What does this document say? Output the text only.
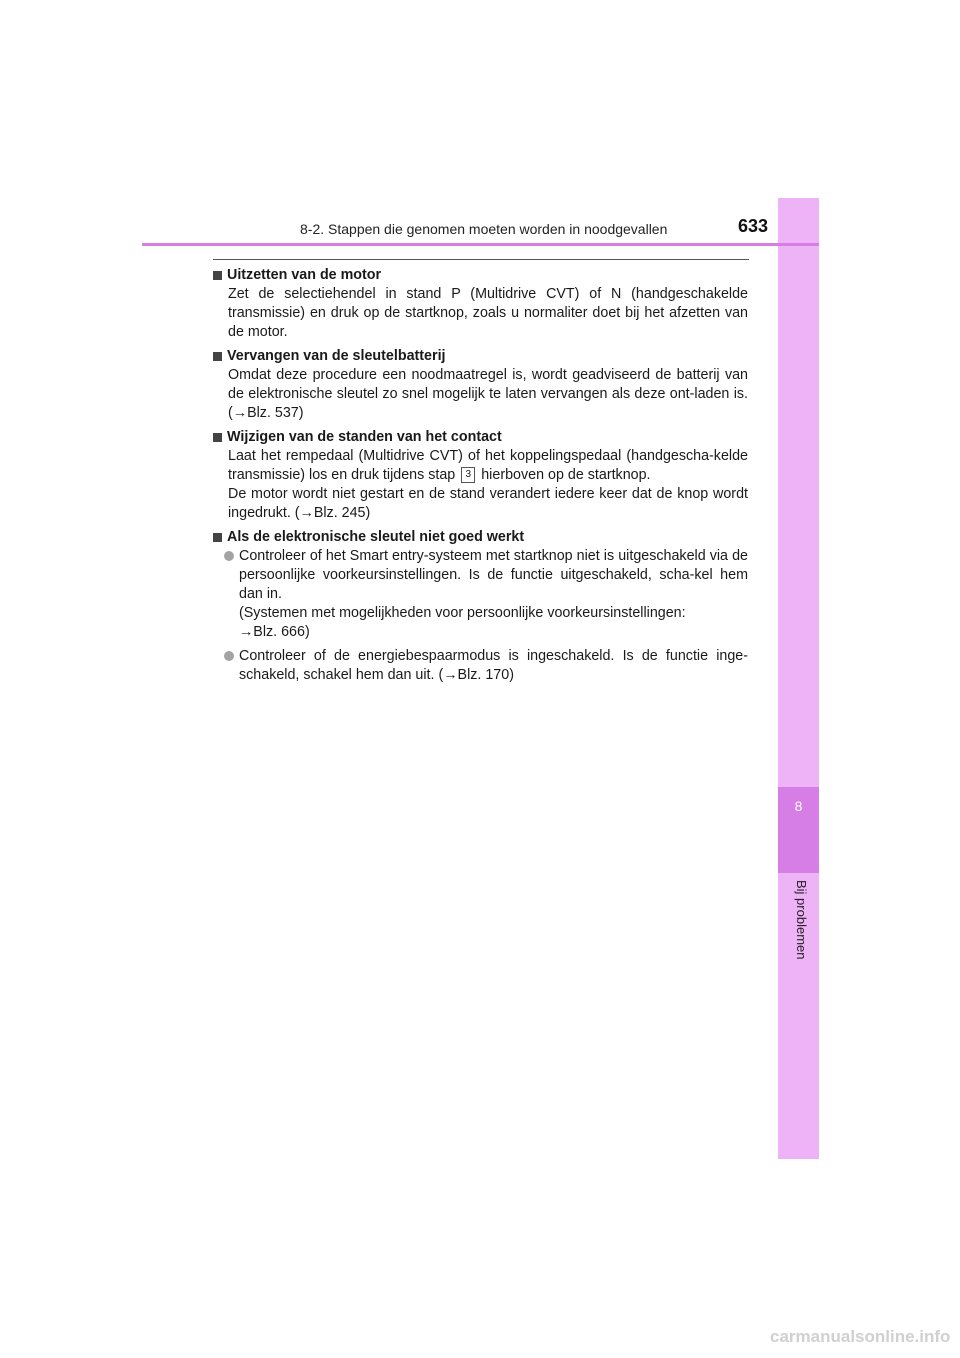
8
Bij problemen
8-2. Stappen die genomen moeten worden in noodgevallen	633
Uitzetten van de motor
Zet de selectiehendel in stand P (Multidrive CVT) of N (handgeschakelde transmissie) en druk op de startknop, zoals u normaliter doet bij het afzetten van de motor.
Vervangen van de sleutelbatterij
Omdat deze procedure een noodmaatregel is, wordt geadviseerd de batterij van de elektronische sleutel zo snel mogelijk te laten vervangen als deze ont-laden is. (→Blz. 537)
Wijzigen van de standen van het contact
Laat het rempedaal (Multidrive CVT) of het koppelingspedaal (handgescha-kelde transmissie) los en druk tijdens stap 3 hierboven op de startknop.
De motor wordt niet gestart en de stand verandert iedere keer dat de knop wordt ingedrukt. (→Blz. 245)
Als de elektronische sleutel niet goed werkt
Controleer of het Smart entry-systeem met startknop niet is uitgeschakeld via de persoonlijke voorkeursinstellingen. Is de functie uitgeschakeld, scha-kel hem dan in.
(Systemen met mogelijkheden voor persoonlijke voorkeursinstellingen:
→Blz. 666)
Controleer of de energiebespaarmodus is ingeschakeld. Is de functie inge-schakeld, schakel hem dan uit. (→Blz. 170)
carmanualsonline.info
